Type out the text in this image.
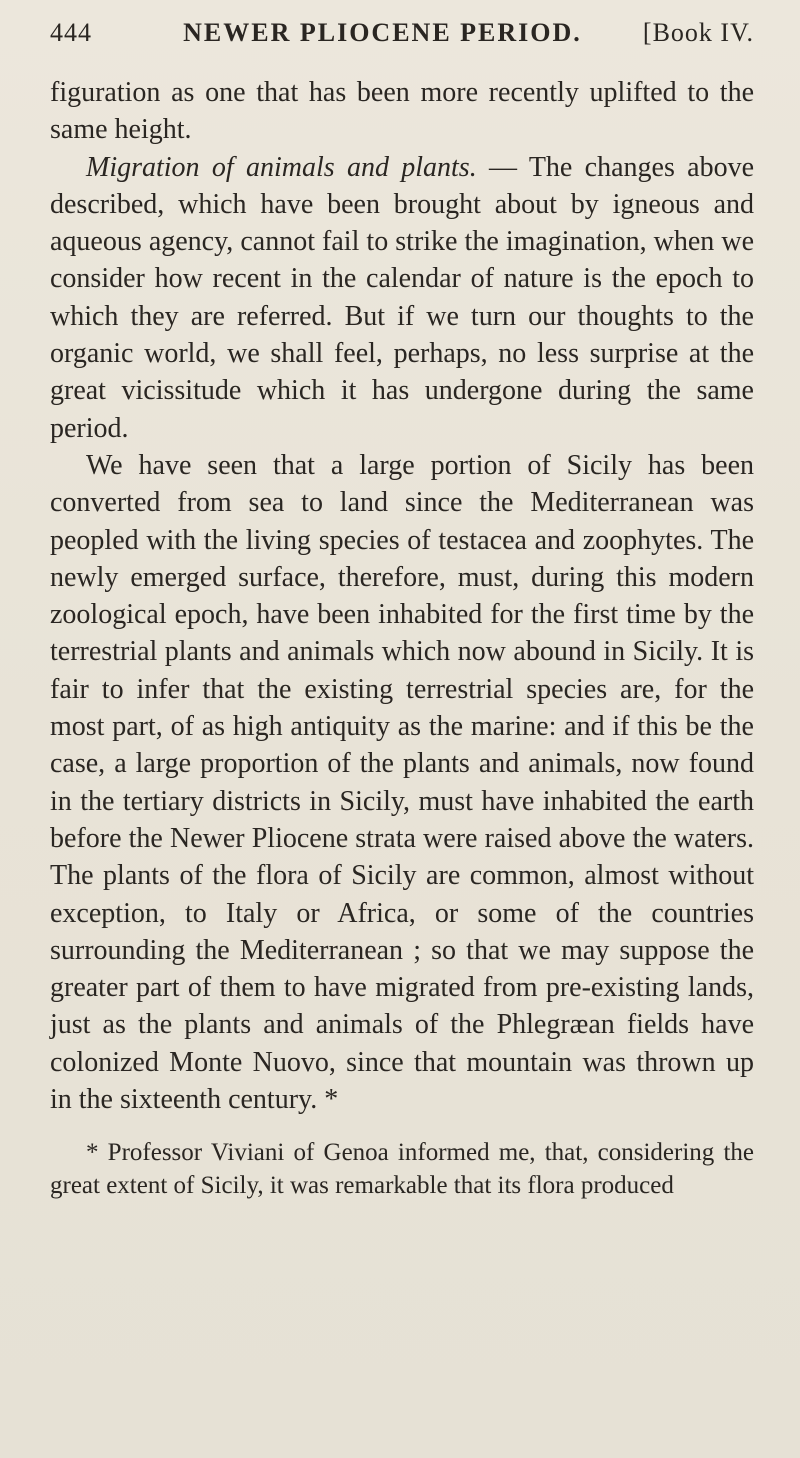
444	NEWER PLIOCENE PERIOD. [Book IV.

figuration as one that has been more recently uplifted to the same height.

Migration of animals and plants. — The changes above described, which have been brought about by igneous and aqueous agency, cannot fail to strike the imagination, when we consider how recent in the calendar of nature is the epoch to which they are referred. But if we turn our thoughts to the organic world, we shall feel, perhaps, no less surprise at the great vicissitude which it has undergone during the same period.

We have seen that a large portion of Sicily has been converted from sea to land since the Mediterranean was peopled with the living species of testacea and zoophytes. The newly emerged surface, therefore, must, during this modern zoological epoch, have been inhabited for the first time by the terrestrial plants and animals which now abound in Sicily. It is fair to infer that the existing terrestrial species are, for the most part, of as high antiquity as the marine: and if this be the case, a large proportion of the plants and animals, now found in the tertiary districts in Sicily, must have inhabited the earth before the Newer Pliocene strata were raised above the waters. The plants of the flora of Sicily are common, almost without exception, to Italy or Africa, or some of the countries surrounding the Mediterranean ; so that we may suppose the greater part of them to have migrated from pre-existing lands, just as the plants and animals of the Phlegræan fields have colonized Monte Nuovo, since that mountain was thrown up in the sixteenth century. *

* Professor Viviani of Genoa informed me, that, considering the great extent of Sicily, it was remarkable that its flora produced
